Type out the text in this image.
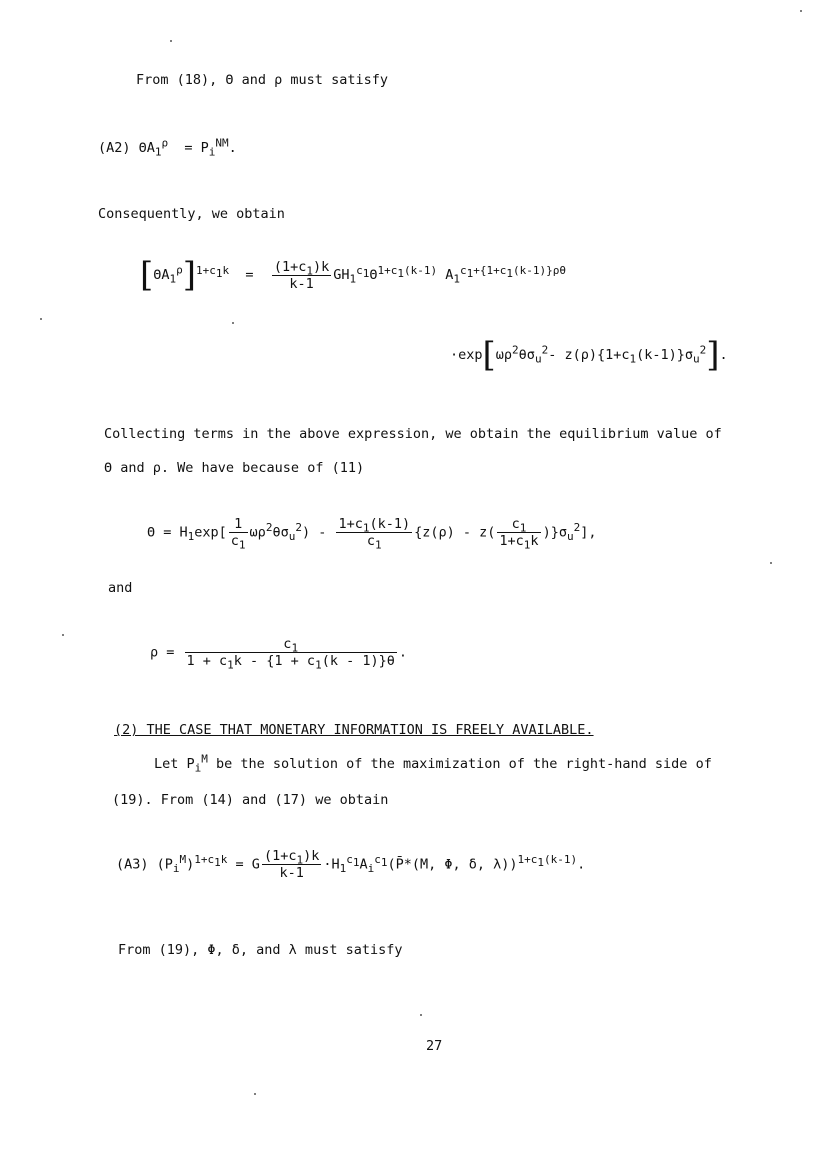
From (18), Θ and ρ must satisfy
(A2) $\Theta A_1^\rho = P_i^{NM}$.
Consequently, we obtain
$[\Theta A_1^\rho]^{1+c_1k} = \frac{(1+c_1)k}{k-1} GH_1^{c_1}\Theta^{1+c_1(k-1)}$ $A_1^{c_1+\{1+c_1(k-1)\}\rho\theta}$
$\cdot\exp[\omega\rho^2\theta\sigma_u^2-$ $z(\rho)\{1+c_1(k-1)\}\sigma_u^2$].
Collecting terms in the above expression, we obtain the equilibrium value of
Θ and ρ. We have because of (11)
$\Theta = H_1\exp[ \frac{1}{c_1} \omega\rho^2\theta\sigma_u^2) - \frac{1+c_1(k-1)}{c_1} \{z(\rho) - z( \frac{c_1}{1+c_1k} )\}\sigma_u^2$],
and
$\rho = \frac{c_1}{1 + c_1k - \{1 + c_1(k - 1)\}\theta}$ .
(2) THE CASE THAT MONETARY INFORMATION IS FREELY AVAILABLE.
Let $P_i^M$ be the solution of the maximization of the right-hand side of
(19). From (14) and (17) we obtain
(A3) $(P_i^M)^{1+c_1k} = G \frac{(1+c_1)k}{k-1}$ $\cdot H_1^{c_1}A_i^{c_1}(P̄*(M$, Φ, δ, λ))$^{1+c_1(k-1)}$.
From (19), Φ, δ, and λ must satisfy
27
